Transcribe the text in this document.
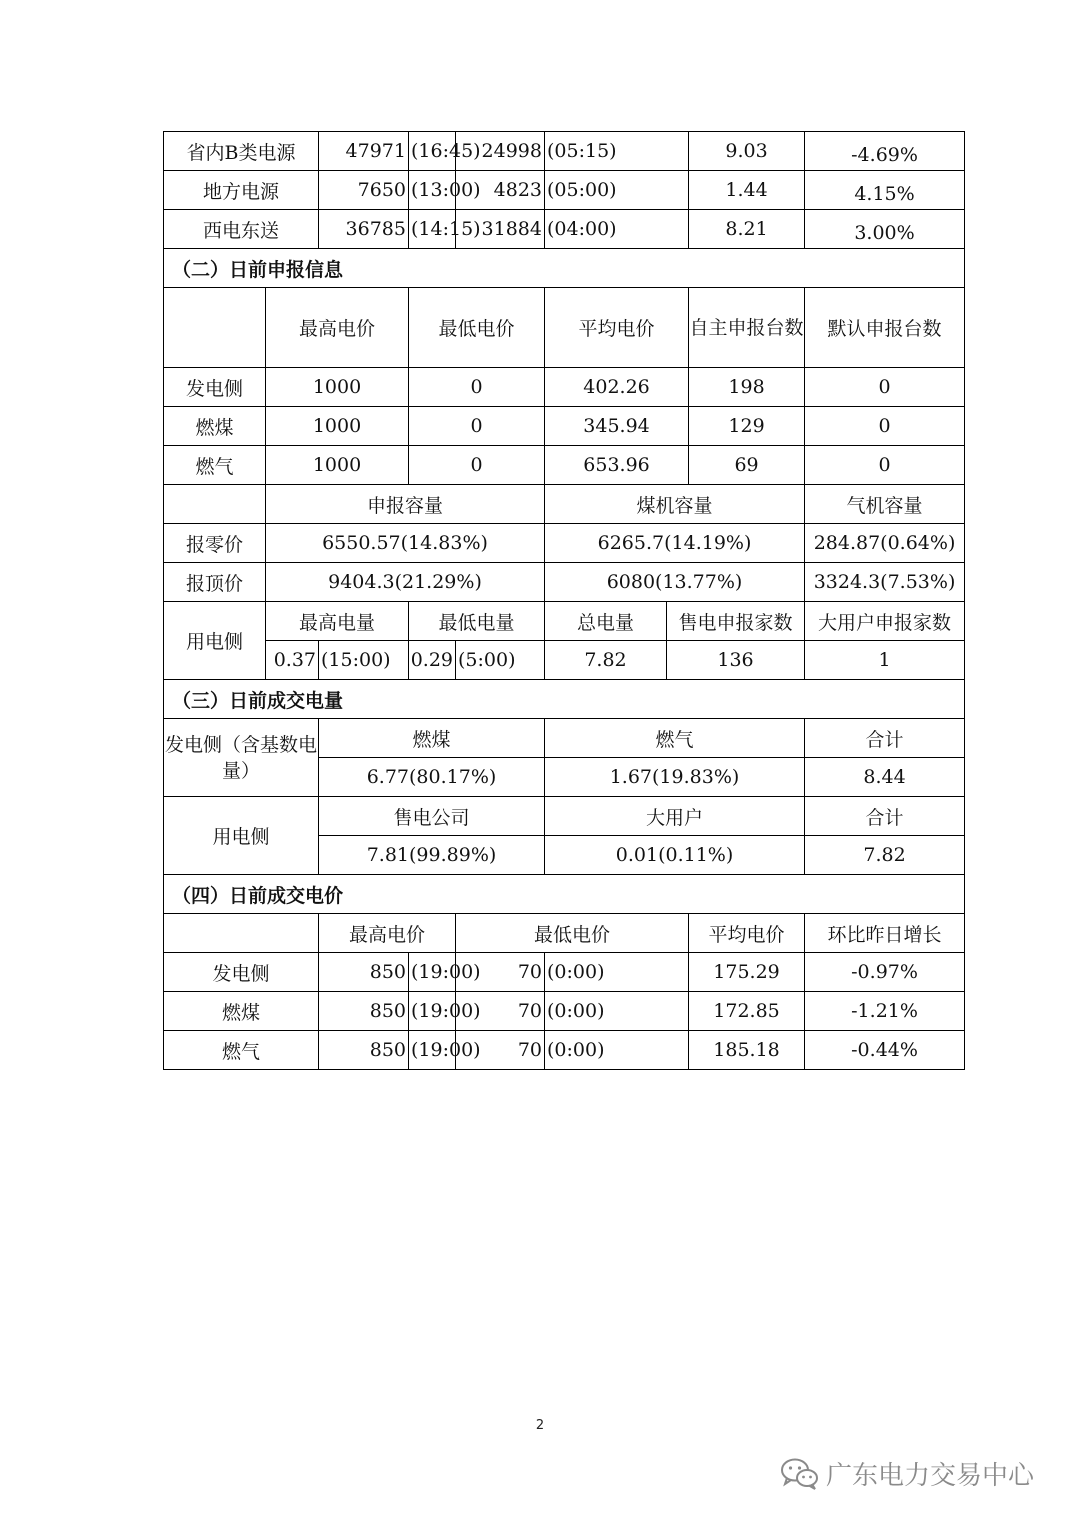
省内B类电源		47971	(16:45)	24998	(05:15)		9.03	-4.69%
地方电源		7650	(13:00)	4823	(05:00)		1.44	4.15%
西电东送		36785	(14:15)	31884	(04:00)		8.21	3.00%
（二）日前申报信息								
	最高电价		最低电价		平均电价		自主申报台数	默认申报台数
发电侧	1000		0		402.26		198	0
燃煤	1000		0		345.94		129	0
燃气	1000		0		653.96		69	0
	申报容量				煤机容量			气机容量
报零价	6550.57(14.83%)				6265.7(14.19%)			284.87(0.64%)
报顶价	9404.3(21.29%)				6080(13.77%)			3324.3(7.53%)
用电侧	最高电量		最低电量		总电量	售电申报家数		大用户申报家数
	0.37	(15:00)	0.29	(5:00)	7.82	136		1
（三）日前成交电量								
发电侧（含基数电量）		燃煤			燃气			合计
		6.77(80.17%)			1.67(19.83%)			8.44
用电侧		售电公司			大用户			合计
		7.81(99.89%)			0.01(0.11%)			7.82
（四）日前成交电价								
		最高电价		最低电价			平均电价	环比昨日增长
发电侧		850	(19:00)	70	(0:00)		175.29	-0.97%
燃煤		850	(19:00)	70	(0:00)		172.85	-1.21%
燃气		850	(19:00)	70	(0:00)		185.18	-0.44%
2
广东电力交易中心
